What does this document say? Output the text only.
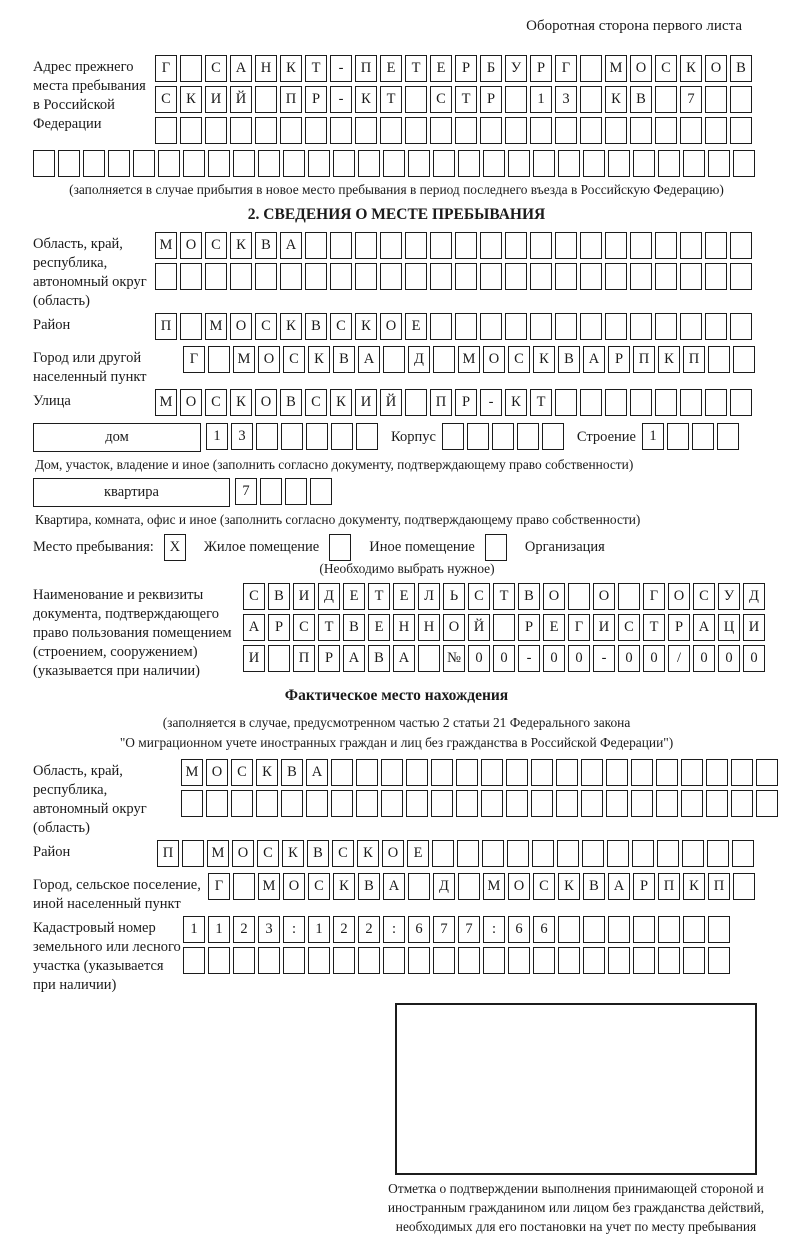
Оборотная сторона первого листа
Адрес прежнего места пребывания в Российской Федерации
Г	С	А	Н	К	Т	-	П	Е	Т	Е	Р	Б	У	Р	Г	М О	С	К	О	В
С	К	И	Й	П	Р	-	К	Т	С	Т	Р	1	3	К	В	7
(заполняется в случае прибытия в новое место пребывания в период последнего въезда в Российскую Федерацию)
2. СВЕДЕНИЯ О МЕСТЕ ПРЕБЫВАНИЯ
Область, край, республика, автономный округ (область)
М О	С	К	В	А
Район	П	М О	С	К	В	С	К	О	Е
Город или другой населенный пункт
Г	М О	С	К	В	А	Д	М О	С	К	В	А	Р	П	К	П
Улица	М О	С	К	О	В	С	К	И	Й	П	Р	-	К	Т
дом	1	3	Корпус	Строение 1
Дом, участок, владение и иное (заполнить согласно документу, подтверждающему право собственности)
квартира	7
Квартира, комната, офис и иное (заполнить согласно документу, подтверждающему право собственности)
Место пребывания:	X	Жилое помещение	Иное помещение	Организация
(Необходимо выбрать нужное)
Наименование и реквизиты документа, подтверждающего право пользования помещением (строением, сооружением) (указывается при наличии)
С	В	И	Д	Е	Т	Е	Л	Ь	С	Т	В	О	О	Г	О	С	У	Д
А	Р	С	Т	В	Е	Н	Н	О	Й	Р	Е	Г	И	С	Т	Р	А	Ц	И
И	П	Р	А	В	А	№ 0	0	-	0	0	-	0	0	/	0	0	0
Фактическое место нахождения
(заполняется в случае, предусмотренном частью 2 статьи 21 Федерального закона
"О миграционном учете иностранных граждан и лиц без гражданства в Российской Федерации")
Область, край, республика, автономный округ (область)
М О	С	К	В	А
Район	П	М О	С	К	В	С	К	О	Е
Город, сельское поселение, иной населенный пункт
Г	М О	С	К	В	А	Д	М О	С	К	В	А	Р	П	К	П
Кадастровый номер земельного или лесного участка (указывается при наличии)
1	1	2	3	:	1	2	2	:	6	7	7	:	6	6
Отметка о подтверждении выполнения принимающей стороной и иностранным гражданином или лицом без гражданства действий, необходимых для его постановки на учет по месту пребывания
